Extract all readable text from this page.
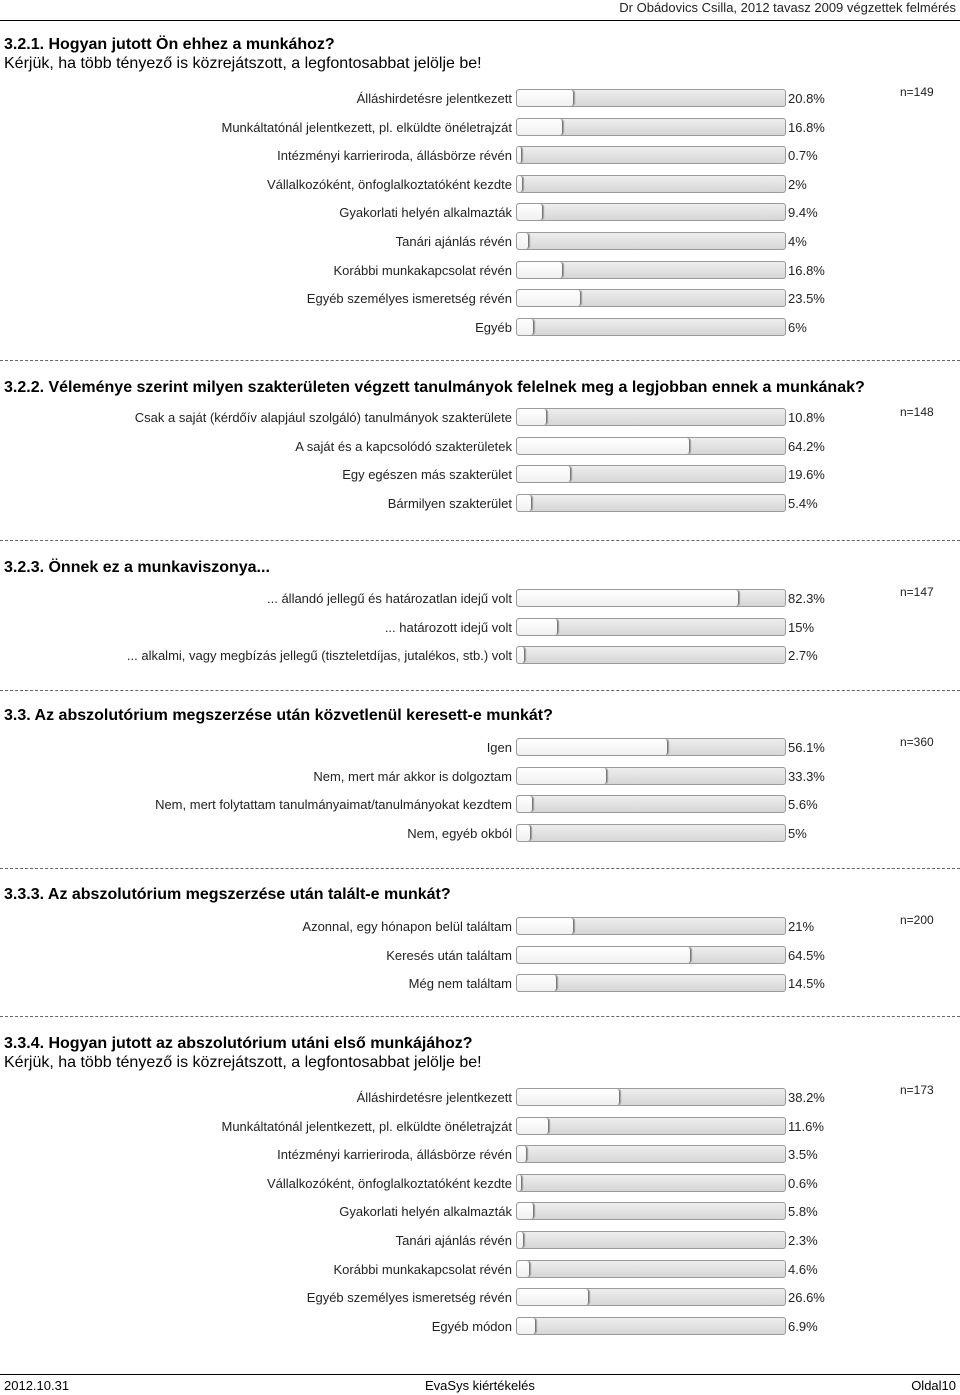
Dr Obádovics Csilla, 2012 tavasz 2009 végzettek felmérés
3.2.1. Hogyan jutott Ön ehhez a munkához?
Kérjük, ha több tényező is közrejátszott, a legfontosabbat jelölje be!
n=149
Álláshirdetésre jelentkezett	20.8%
Munkáltatónál jelentkezett, pl. elküldte önéletrajzát	16.8%
Intézményi karrieriroda, állásbörze révén	0.7%
Vállalkozóként, önfoglalkoztatóként kezdte	2%
Gyakorlati helyén alkalmazták	9.4%
Tanári ajánlás révén	4%
Korábbi munkakapcsolat révén	16.8%
Egyéb személyes ismeretség révén	23.5%
Egyéb	6%
3.2.2. Véleménye szerint milyen szakterületen végzett tanulmányok felelnek meg a legjobban ennek a munkának?
n=148
Csak a saját (kérdőív alapjául szolgáló) tanulmányok szakterülete	10.8%
A saját és a kapcsolódó szakterületek	64.2%
Egy egészen más szakterület	19.6%
Bármilyen szakterület	5.4%
3.2.3. Önnek ez a munkaviszonya...
n=147
... állandó jellegű és határozatlan idejű volt	82.3%
... határozott idejű volt	15%
... alkalmi, vagy megbízás jellegű (tiszteletdíjas, jutalékos, stb.) volt	2.7%
3.3. Az abszolutórium megszerzése után közvetlenül keresett-e munkát?
n=360
Igen	56.1%
Nem, mert már akkor is dolgoztam	33.3%
Nem, mert folytattam tanulmányaimat/tanulmányokat kezdtem	5.6%
Nem, egyéb okból	5%
3.3.3. Az abszolutórium megszerzése után talált-e munkát?
n=200
Azonnal, egy hónapon belül találtam	21%
Keresés után találtam	64.5%
Még nem találtam	14.5%
3.3.4. Hogyan jutott az abszolutórium utáni első munkájához?
Kérjük, ha több tényező is közrejátszott, a legfontosabbat jelölje be!
n=173
Álláshirdetésre jelentkezett	38.2%
Munkáltatónál jelentkezett, pl. elküldte önéletrajzát	11.6%
Intézményi karrieriroda, állásbörze révén	3.5%
Vállalkozóként, önfoglalkoztatóként kezdte	0.6%
Gyakorlati helyén alkalmazták	5.8%
Tanári ajánlás révén	2.3%
Korábbi munkakapcsolat révén	4.6%
Egyéb személyes ismeretség révén	26.6%
Egyéb módon	6.9%
2012.10.31	EvaSys kiértékelés	Oldal10
